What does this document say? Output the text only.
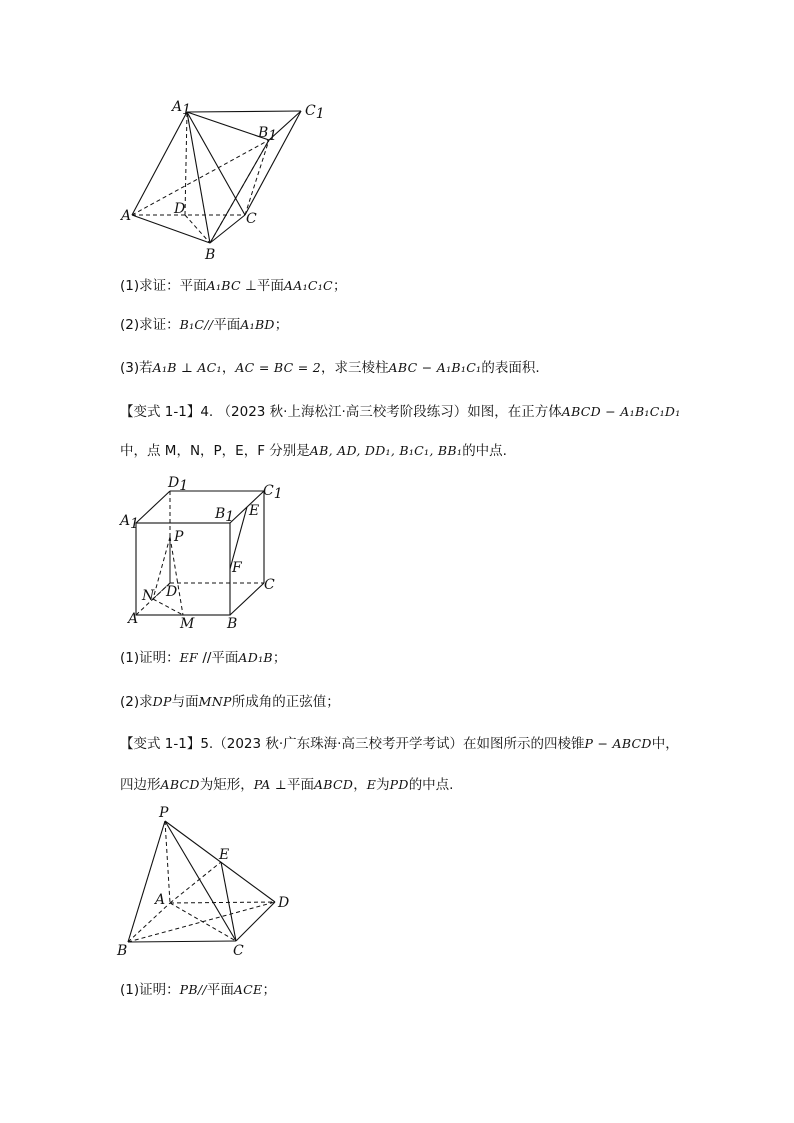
A1	C1
B1
A	D
C
B
(1)求证：平面A₁BC ⊥平面AA₁C₁C；
(2)求证：B₁C//平面A₁BD；
(3)若A₁B ⊥ AC₁，AC = BC = 2，求三棱柱ABC − A₁B₁C₁的表面积.
【变式 1-1】4. （2023 秋·上海松江·高三校考阶段练习）如图，在正方体ABCD − A₁B₁C₁D₁
中，点 M，N，P，E，F 分别是AB, AD, DD₁, B₁C₁, BB₁的中点.
D1	C1
A1
B1 E
P
F
N D	C
A	M B
(1)证明：EF //平面AD₁B；
(2)求DP与面MNP所成角的正弦值；
【变式 1-1】5.（2023 秋·广东珠海·高三校考开学考试）在如图所示的四棱锥P − ABCD中，
四边形ABCD为矩形，PA ⊥平面ABCD，E为PD的中点.
P
E
A	D
B	C
(1)证明：PB//平面ACE；
